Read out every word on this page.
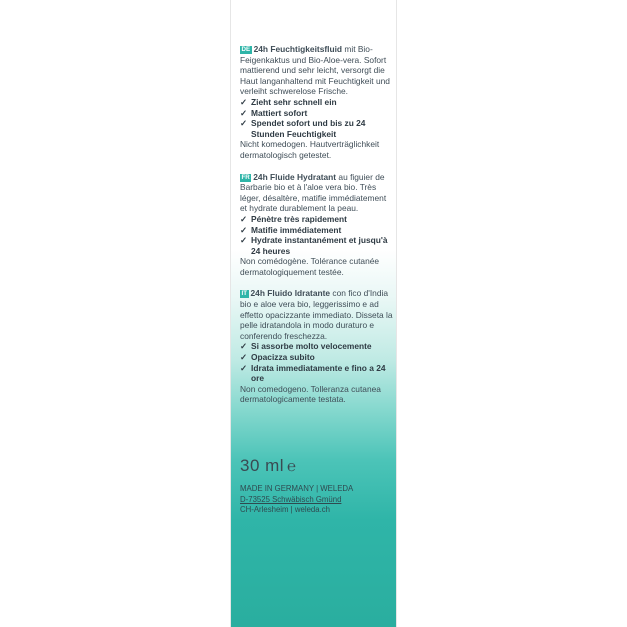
DE 24h Feuchtigkeitsfluid mit Bio-Feigenkaktus und Bio-Aloe-vera. Sofort mattierend und sehr leicht, versorgt die Haut langanhaltend mit Feuchtigkeit und verleiht schwerelose Frische.

✓ Zieht sehr schnell ein
✓ Mattiert sofort
✓ Spendet sofort und bis zu 24 Stunden Feuchtigkeit

Nicht komedogen. Hautverträglichkeit dermatologisch getestet.

FR 24h Fluide Hydratant au figuier de Barbarie bio et à l'aloe vera bio. Très léger, désaltère, matifie immédiatement et hydrate durablement la peau.

✓ Pénètre très rapidement
✓ Matifie immédiatement
✓ Hydrate instantanément et jusqu'à 24 heures

Non comédogène. Tolérance cutanée dermatologiquement testée.

IT 24h Fluido Idratante con fico d'India bio e aloe vera bio, leggerissimo e ad effetto opacizzante immediato. Disseta la pelle idratandola in modo duraturo e conferendo freschezza.

✓ Si assorbe molto velocemente
✓ Opacizza subito
✓ Idrata immediatamente e fino a 24 ore

Non comedogeno. Tolleranza cutanea dermatologicamente testata.

30 ml ℮
MADE IN GERMANY | WELEDA
D-73525 Schwäbisch Gmünd
CH-Arlesheim | weleda.ch
